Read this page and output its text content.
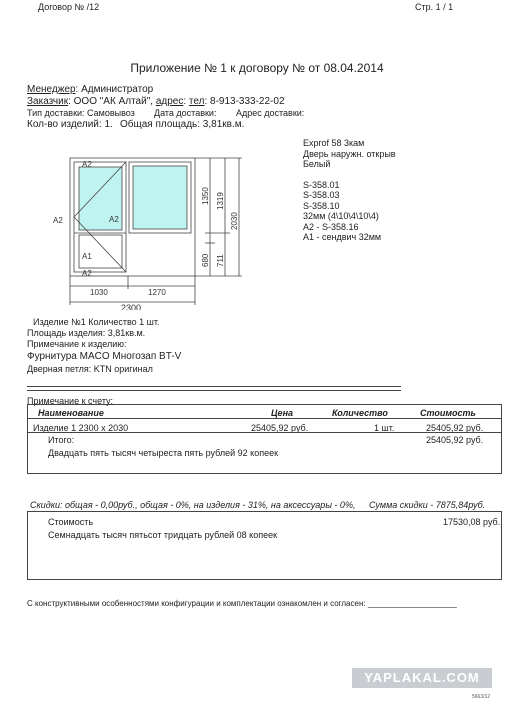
Договор № /12	Стр. 1 / 1
Приложение № 1 к договору № от 08.04.2014
Менеджер: Администратор
Заказчик: ООО "АК Алтай", адрес: тел: 8-913-333-22-02
Тип доставки: Самовывоз Дата доставки: Адрес доставки:
Кол-во изделий: 1. Общая площадь: 3,81кв.м.
Exprof 58 3кам
Дверь наружн. открыв
Белый
S-358.01
S-358.03
S-358.10
32мм (4\10\4\10\4)
A2 - S-358.16
A1 - сендвич 32мм
A2
A2	A2
A1
A2
1030	1270
2300
1350 1319
2030
680 711
Изделие №1 Количество 1 шт.
Площадь изделия: 3,81кв.м.
Примечание к изделию:
Фурнитура MACO Многозап BT-V
Дверная петля: KTN оригинал
Примечание к счету:
Наименование	Цена	Количество	Стоимость
Изделие 1 2300 x 2030	25405,92 руб.	1 шт.	25405,92 руб.
Итого:	25405,92 руб.
Двадцать пять тысяч четыреста пять рублей 92 копеек
Скидки: общая - 0,00руб., общая - 0%, на изделия - 31%, на аксессуары - 0%, Сумма скидки - 7875,84руб.
Стоимость	17530,08 руб.
Семнадцать тысяч пятьсот тридцать рублей 08 копеек
С конструктивными особенностями конфигурации и комплектации ознакомлен и согласен: ____________________
YAPLAKAL.COM
5663/12
